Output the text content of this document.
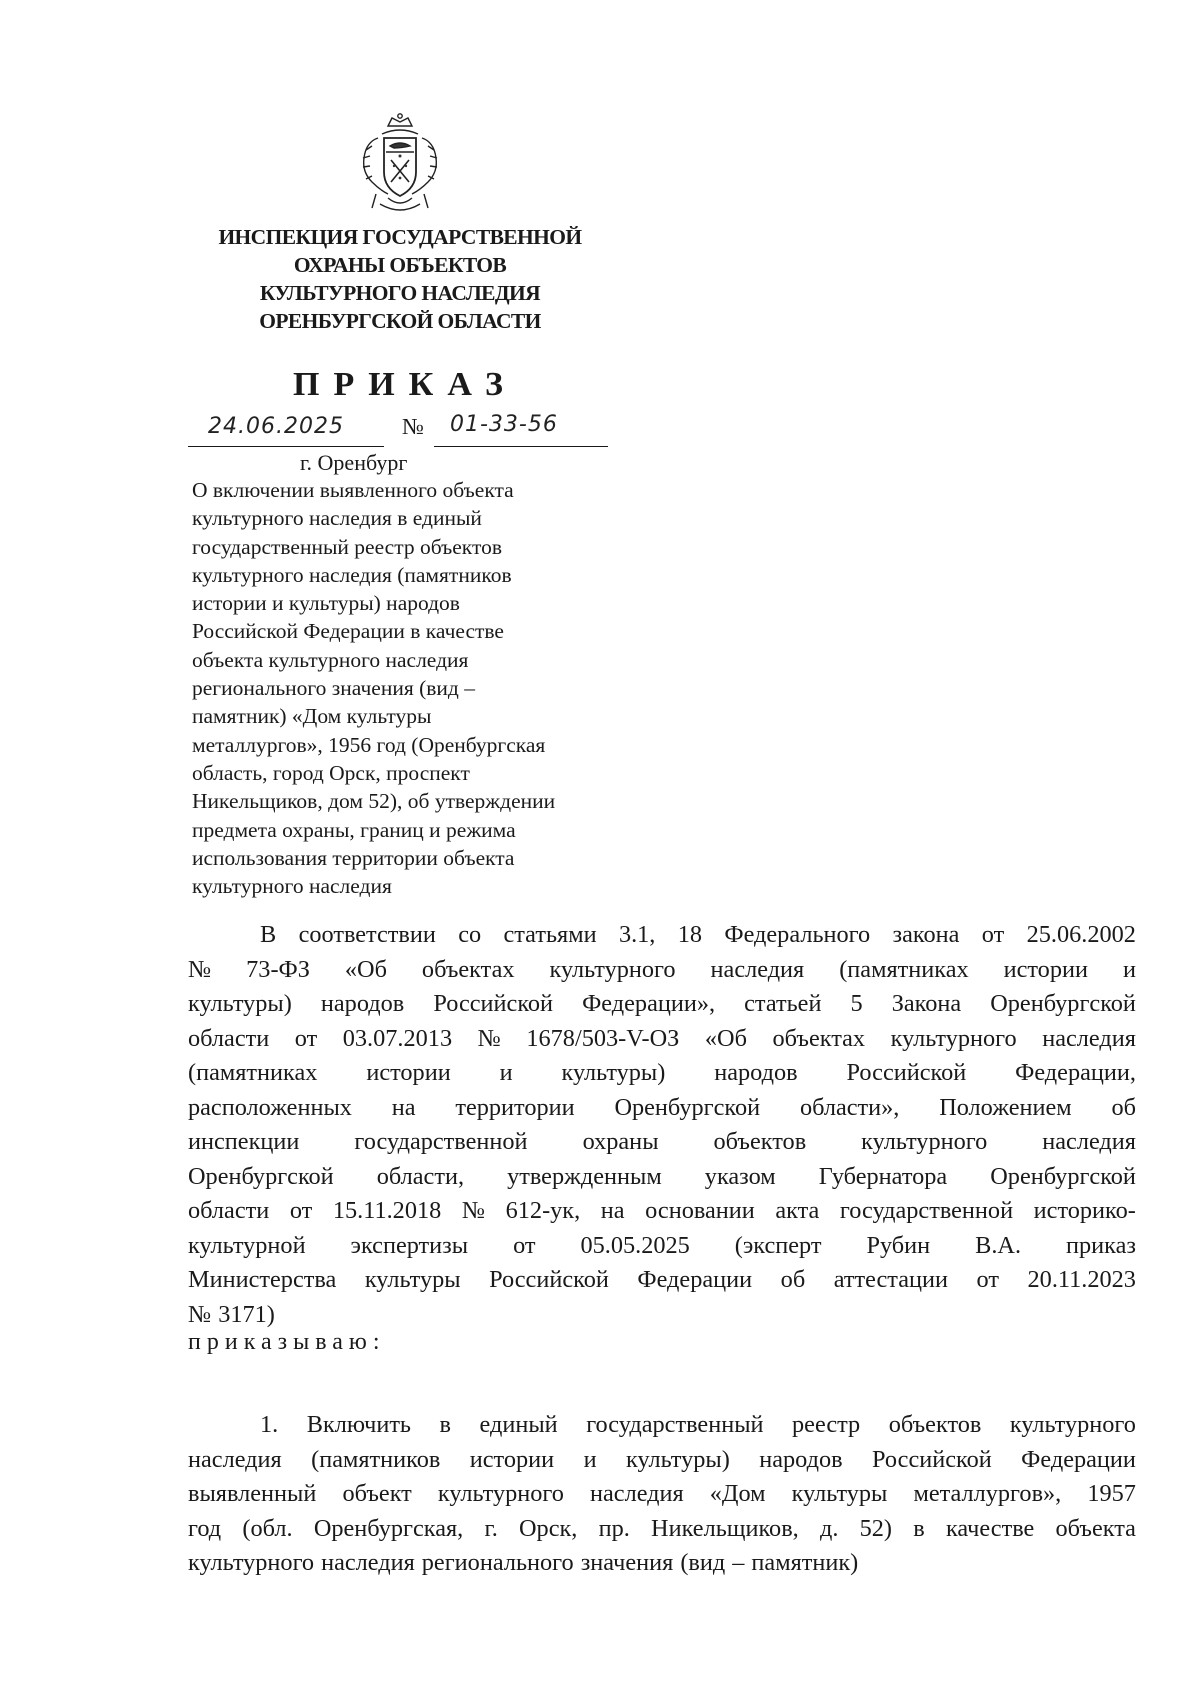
ИНСПЕКЦИЯ ГОСУДАРСТВЕННОЙ
ОХРАНЫ ОБЪЕКТОВ
КУЛЬТУРНОГО НАСЛЕДИЯ
ОРЕНБУРГСКОЙ ОБЛАСТИ
ПРИКАЗ
24.06.2025	№ 01-33-56
г. Оренбург
О включении выявленного объекта
культурного наследия в единый
государственный реестр объектов
культурного наследия (памятников
истории и культуры) народов
Российской Федерации в качестве
объекта культурного наследия
регионального значения (вид –
памятник) «Дом культуры
металлургов», 1956 год (Оренбургская
область, город Орск, проспект
Никельщиков, дом 52), об утверждении
предмета охраны, границ и режима
использования территории объекта
культурного наследия
В соответствии со статьями 3.1, 18 Федерального закона от 25.06.2002
№ 73-ФЗ «Об объектах культурного наследия (памятниках истории и
культуры) народов Российской Федерации», статьей 5 Закона Оренбургской
области от 03.07.2013 № 1678/503-V-ОЗ «Об объектах культурного наследия
(памятниках истории и культуры) народов Российской Федерации,
расположенных на территории Оренбургской области», Положением об
инспекции государственной охраны объектов культурного наследия
Оренбургской области, утвержденным указом Губернатора Оренбургской
области от 15.11.2018 № 612-ук, на основании акта государственной историко-
культурной экспертизы от 05.05.2025 (эксперт Рубин В.А. приказ
Министерства культуры Российской Федерации об аттестации от 20.11.2023
№ 3171)
приказываю:
1. Включить в единый государственный реестр объектов культурного
наследия (памятников истории и культуры) народов Российской Федерации
выявленный объект культурного наследия «Дом культуры металлургов», 1957
год (обл. Оренбургская, г. Орск, пр. Никельщиков, д. 52) в качестве объекта
культурного наследия регионального значения (вид – памятник)
